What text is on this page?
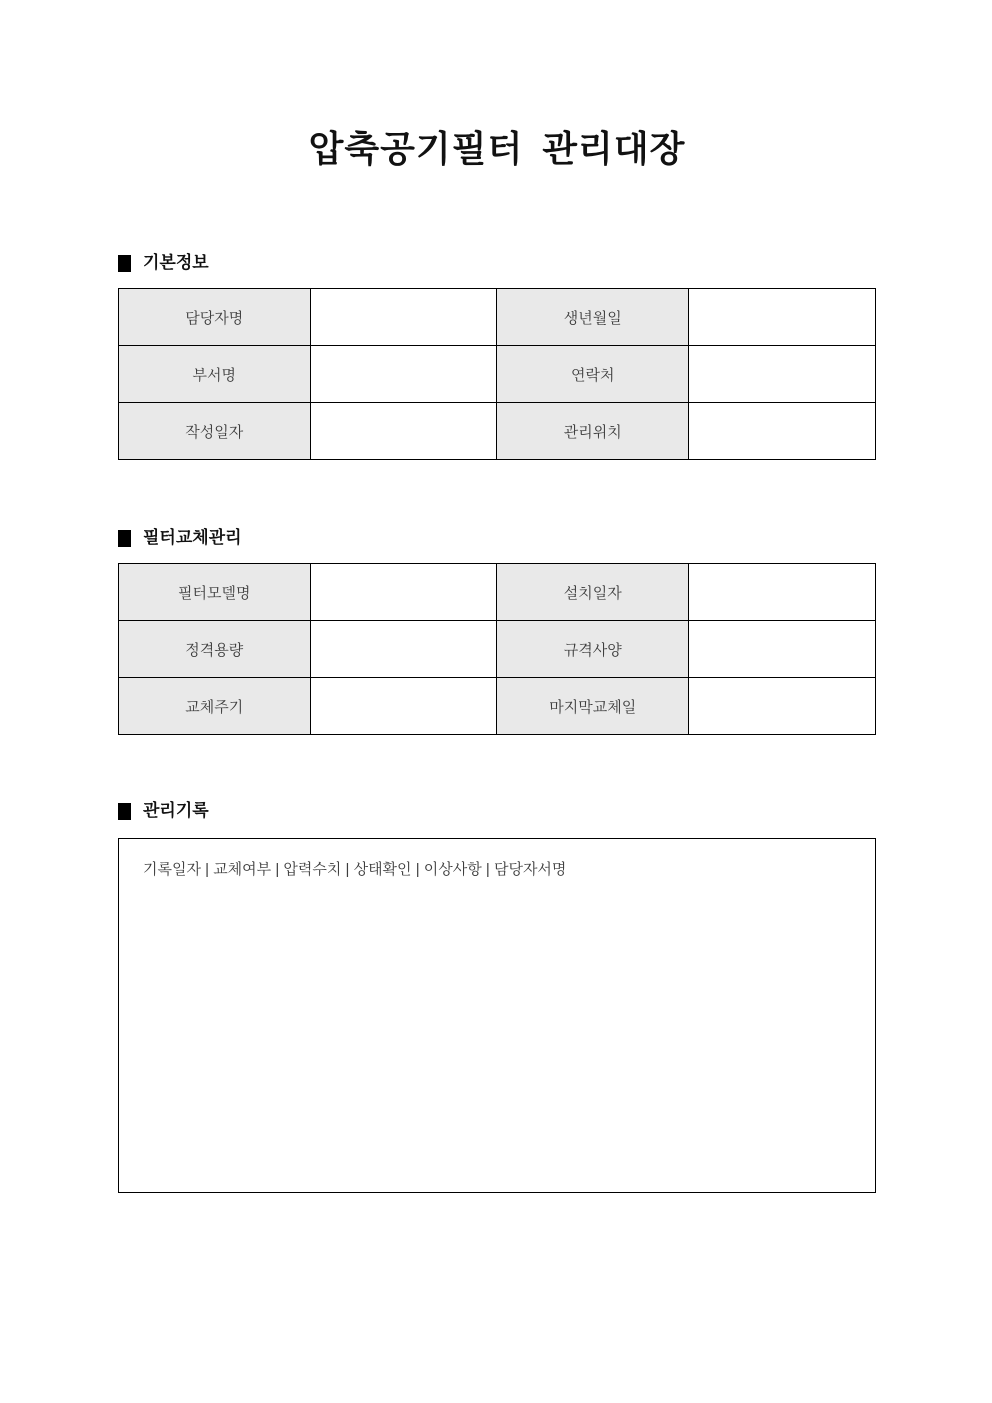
압축공기필터 관리대장
기본정보
담당자명		생년월일	
부서명		연락처	
작성일자		관리위치	
필터교체관리
필터모델명		설치일자	
정격용량		규격사양	
교체주기		마지막교체일	
관리기록
기록일자 | 교체여부 | 압력수치 | 상태확인 | 이상사항 | 담당자서명
